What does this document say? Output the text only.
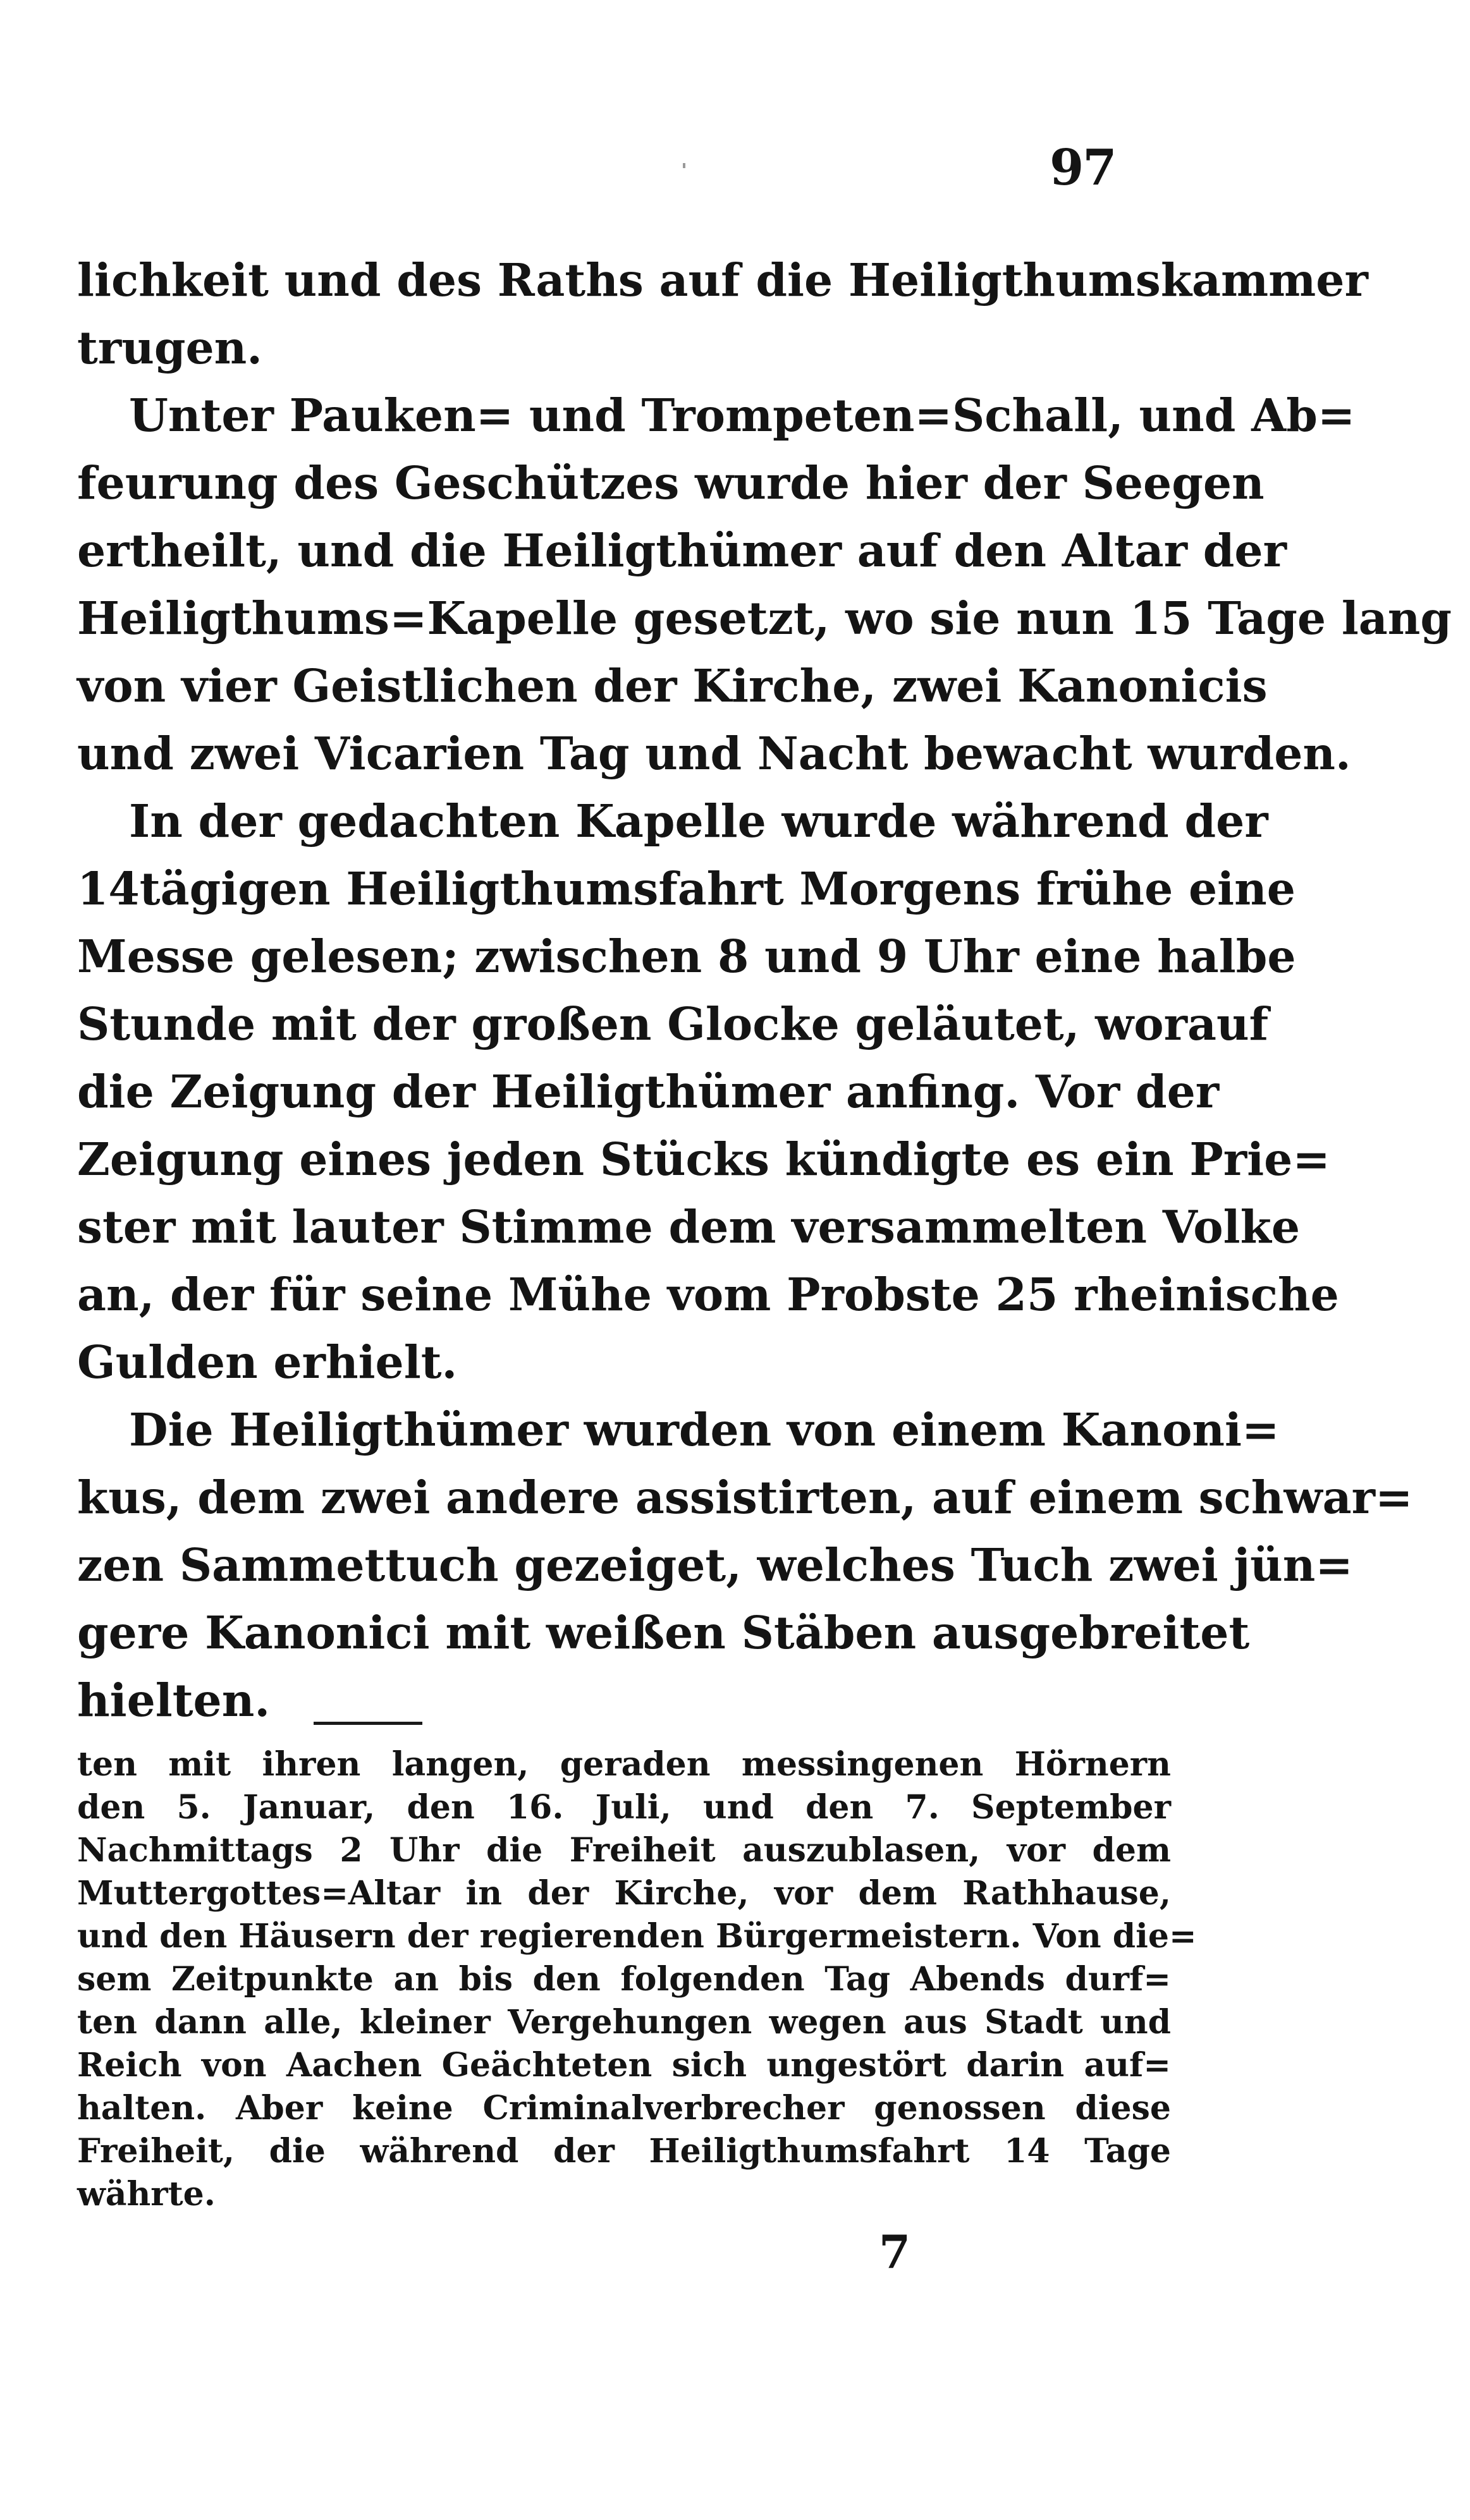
97
lichkeit und des Raths auf die Heiligthumskammer
trugen.
Unter Pauken= und Trompeten=Schall, und Ab=
feurung des Geschützes wurde hier der Seegen
ertheilt, und die Heiligthümer auf den Altar der
Heiligthums=Kapelle gesetzt, wo sie nun 15 Tage lang
von vier Geistlichen der Kirche, zwei Kanonicis
und zwei Vicarien Tag und Nacht bewacht wurden.
In der gedachten Kapelle wurde während der
14tägigen Heiligthumsfahrt Morgens frühe eine
Messe gelesen; zwischen 8 und 9 Uhr eine halbe
Stunde mit der großen Glocke geläutet, worauf
die Zeigung der Heiligthümer anfing. Vor der
Zeigung eines jeden Stücks kündigte es ein Prie=
ster mit lauter Stimme dem versammelten Volke
an, der für seine Mühe vom Probste 25 rheinische
Gulden erhielt.
Die Heiligthümer wurden von einem Kanoni=
kus, dem zwei andere assistirten, auf einem schwar=
zen Sammettuch gezeiget, welches Tuch zwei jün=
gere Kanonici mit weißen Stäben ausgebreitet
hielten.
ten mit ihren langen, geraden messingenen Hörnern
den 5. Januar, den 16. Juli, und den 7. September
Nachmittags 2 Uhr die Freiheit auszublasen, vor dem
Muttergottes=Altar in der Kirche, vor dem Rathhause,
und den Häusern der regierenden Bürgermeistern. Von die=
sem Zeitpunkte an bis den folgenden Tag Abends durf=
ten dann alle, kleiner Vergehungen wegen aus Stadt und
Reich von Aachen Geächteten sich ungestört darin auf=
halten. Aber keine Criminalverbrecher genossen diese
Freiheit, die während der Heiligthumsfahrt 14 Tage
währte.
7
